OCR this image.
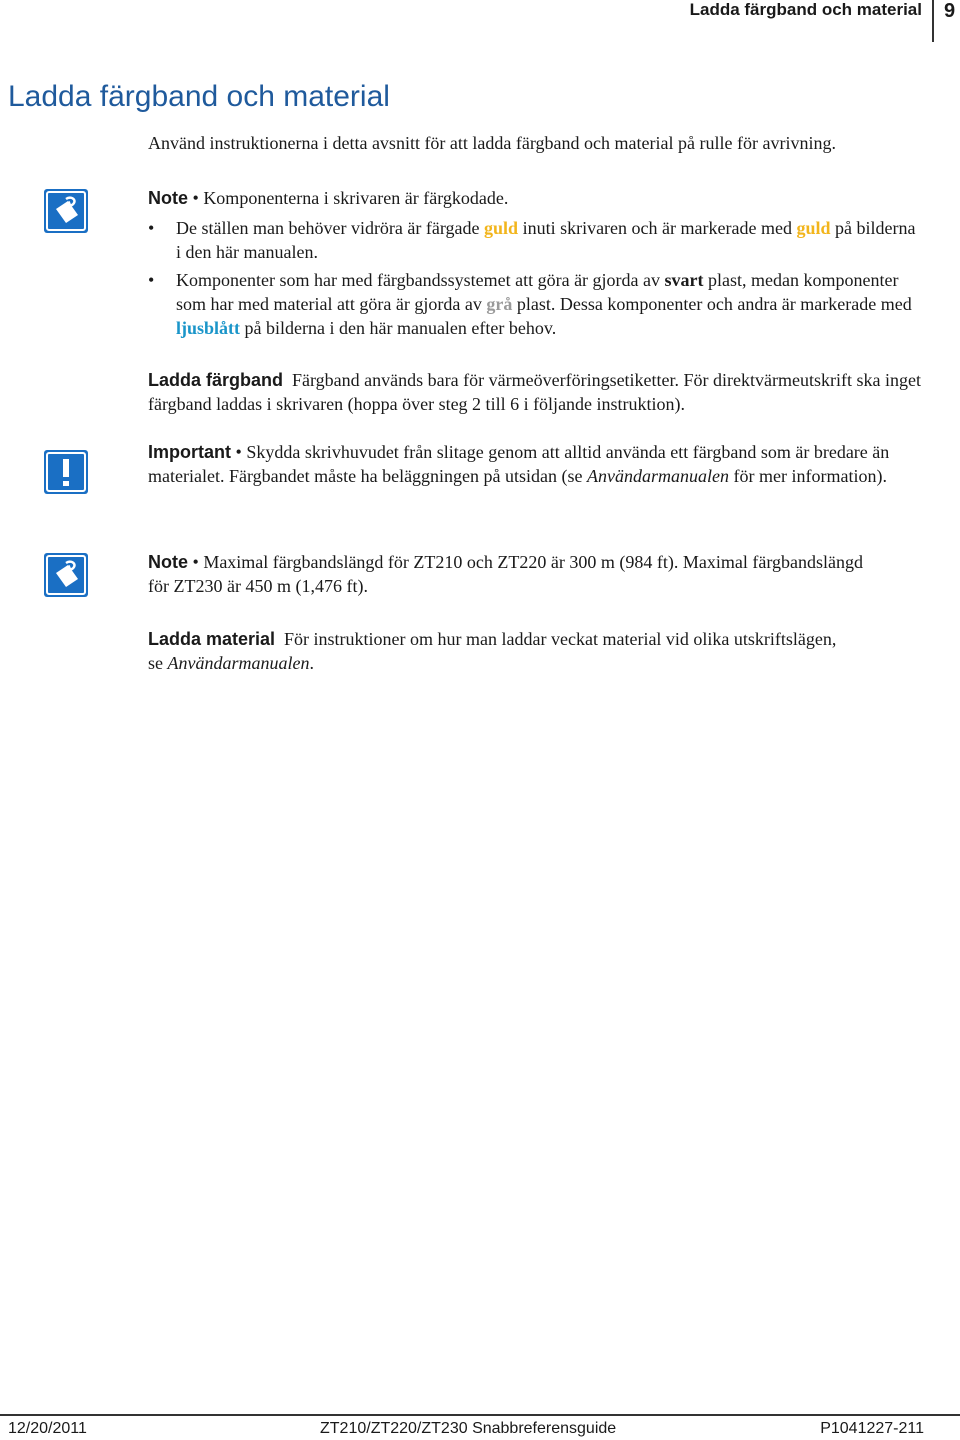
Ladda färgband och material 9
Ladda färgband och material
Använd instruktionerna i detta avsnitt för att ladda färgband och material på rulle för avrivning.
Note • Komponenterna i skrivaren är färgkodade.
• De ställen man behöver vidröra är färgade guld inuti skrivaren och är markerade med guld på bilderna i den här manualen.
• Komponenter som har med färgbandssystemet att göra är gjorda av svart plast, medan komponenter som har med material att göra är gjorda av grå plast. Dessa komponenter och andra är markerade med ljusblått på bilderna i den här manualen efter behov.
Ladda färgband Färgband används bara för värmeöverföringsetiketter. För direktvärmeutskrift ska inget färgband laddas i skrivaren (hoppa över steg 2 till 6 i följande instruktion).
Important • Skydda skrivhuvudet från slitage genom att alltid använda ett färgband som är bredare än materialet. Färgbandet måste ha beläggningen på utsidan (se Användarmanualen för mer information).
Note • Maximal färgbandslängd för ZT210 och ZT220 är 300 m (984 ft). Maximal färgbandslängd för ZT230 är 450 m (1,476 ft).
Ladda material För instruktioner om hur man laddar veckat material vid olika utskriftslägen, se Användarmanualen.
12/20/2011	ZT210/ZT220/ZT230 Snabbreferensguide	P1041227-211
